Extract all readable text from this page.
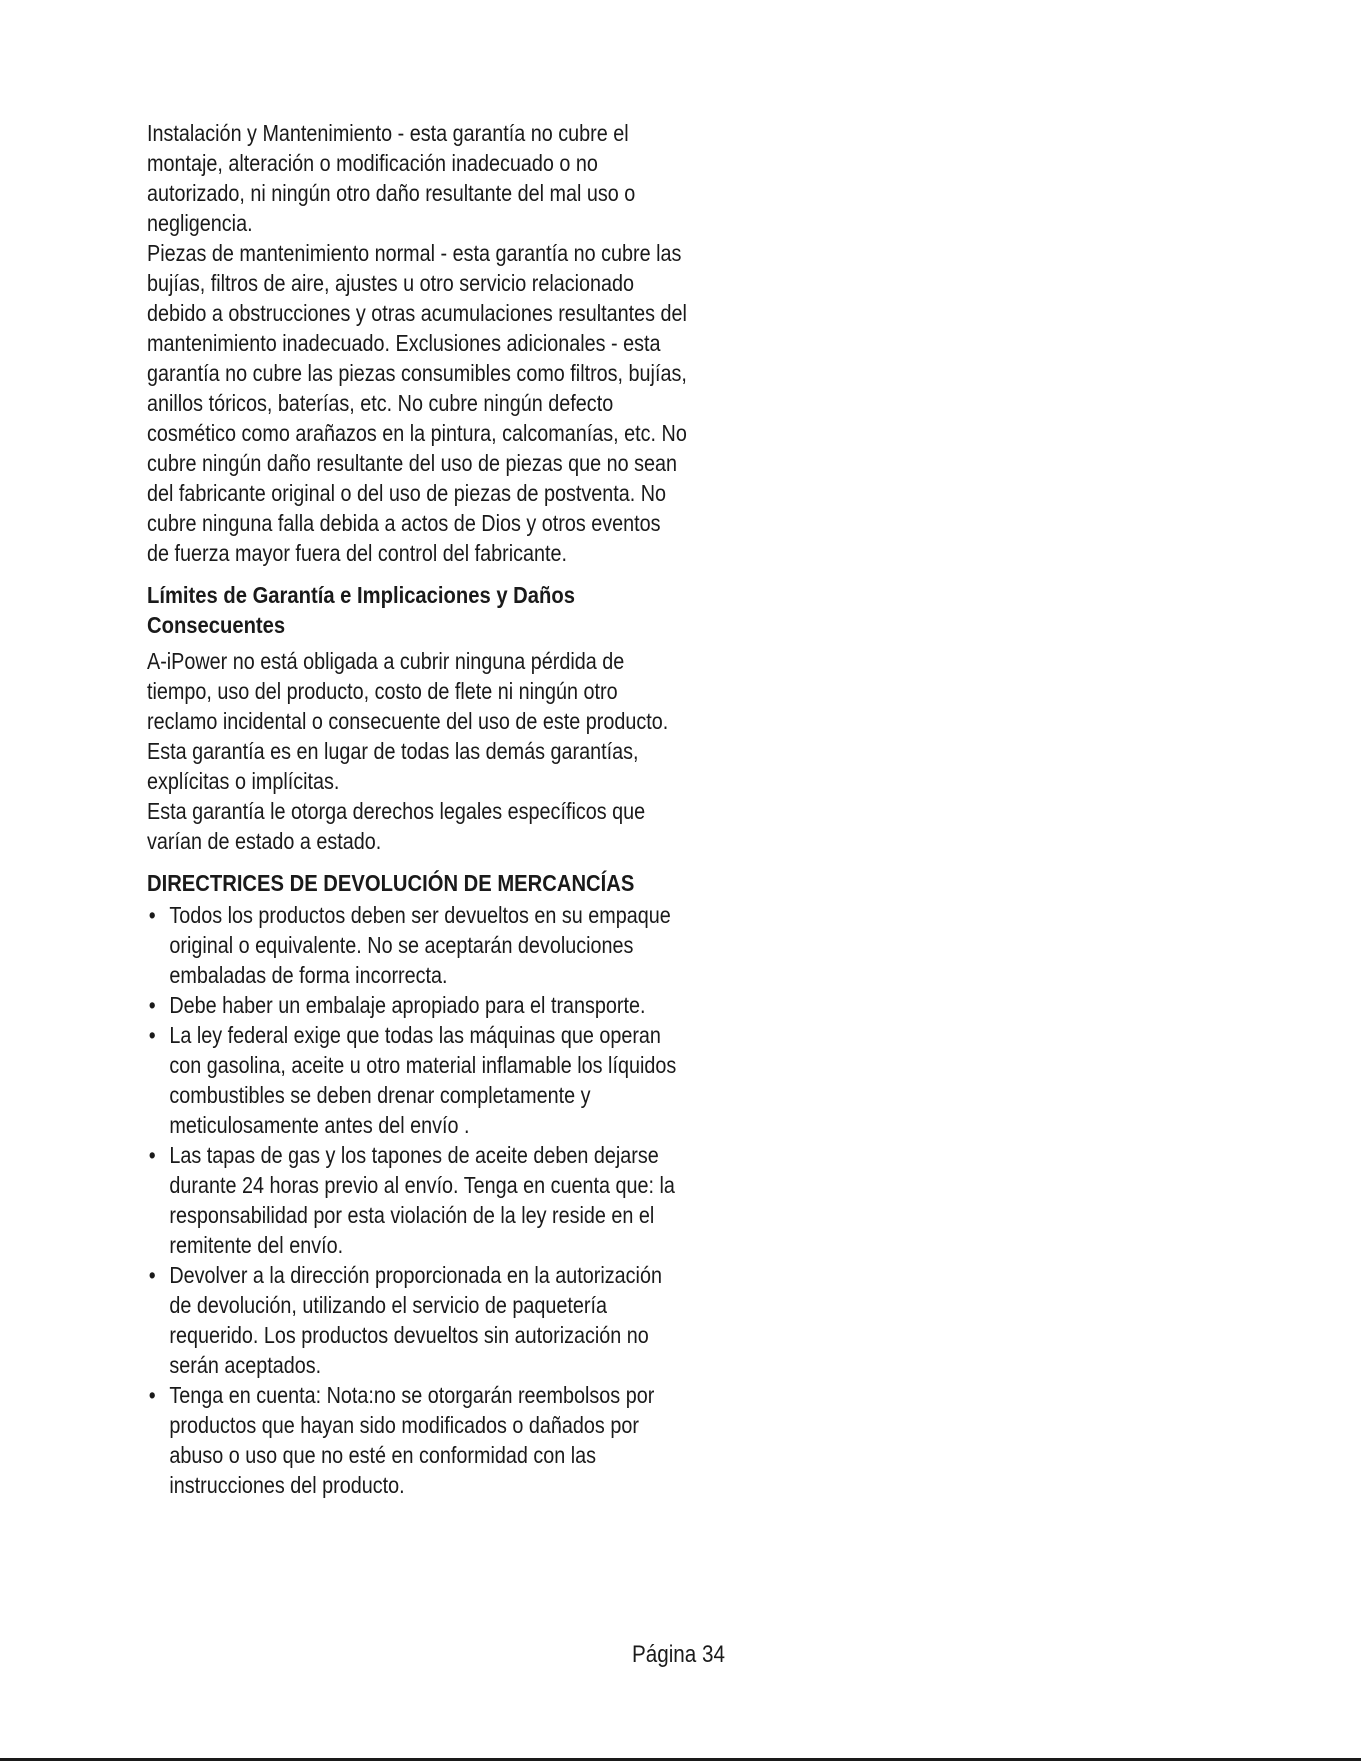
Instalación y Mantenimiento - esta garantía no cubre el montaje, alteración o modificación inadecuado o no autorizado, ni ningún otro daño resultante del mal uso o negligencia.

Piezas de mantenimiento normal - esta garantía no cubre las bujías, filtros de aire, ajustes u otro servicio relacionado debido a obstrucciones y otras acumulaciones resultantes del mantenimiento inadecuado. Exclusiones adicionales - esta garantía no cubre las piezas consumibles como filtros, bujías, anillos tóricos, baterías, etc. No cubre ningún defecto cosmético como arañazos en la pintura, calcomanías, etc. No cubre ningún daño resultante del uso de piezas que no sean del fabricante original o del uso de piezas de postventa. No cubre ninguna falla debida a actos de Dios y otros eventos de fuerza mayor fuera del control del fabricante.

Límites de Garantía e Implicaciones y Daños Consecuentes

A-iPower no está obligada a cubrir ninguna pérdida de tiempo, uso del producto, costo de flete ni ningún otro reclamo incidental o consecuente del uso de este producto. Esta garantía es en lugar de todas las demás garantías, explícitas o implícitas.

Esta garantía le otorga derechos legales específicos que varían de estado a estado.

DIRECTRICES DE DEVOLUCIÓN DE MERCANCÍAS
• Todos los productos deben ser devueltos en su empaque original o equivalente. No se aceptarán devoluciones embaladas de forma incorrecta.
• Debe haber un embalaje apropiado para el transporte.
• La ley federal exige que todas las máquinas que operan con gasolina, aceite u otro material inflamable los líquidos combustibles se deben drenar completamente y meticulosamente antes del envío .
• Las tapas de gas y los tapones de aceite deben dejarse durante 24 horas previo al envío. Tenga en cuenta que: la responsabilidad por esta violación de la ley reside en el remitente del envío.
• Devolver a la dirección proporcionada en la autorización de devolución, utilizando el servicio de paquetería requerido. Los productos devueltos sin autorización no serán aceptados.
• Tenga en cuenta: Nota:no se otorgarán reembolsos por productos que hayan sido modificados o dañados por abuso o uso que no esté en conformidad con las instrucciones del producto.
Página 34
